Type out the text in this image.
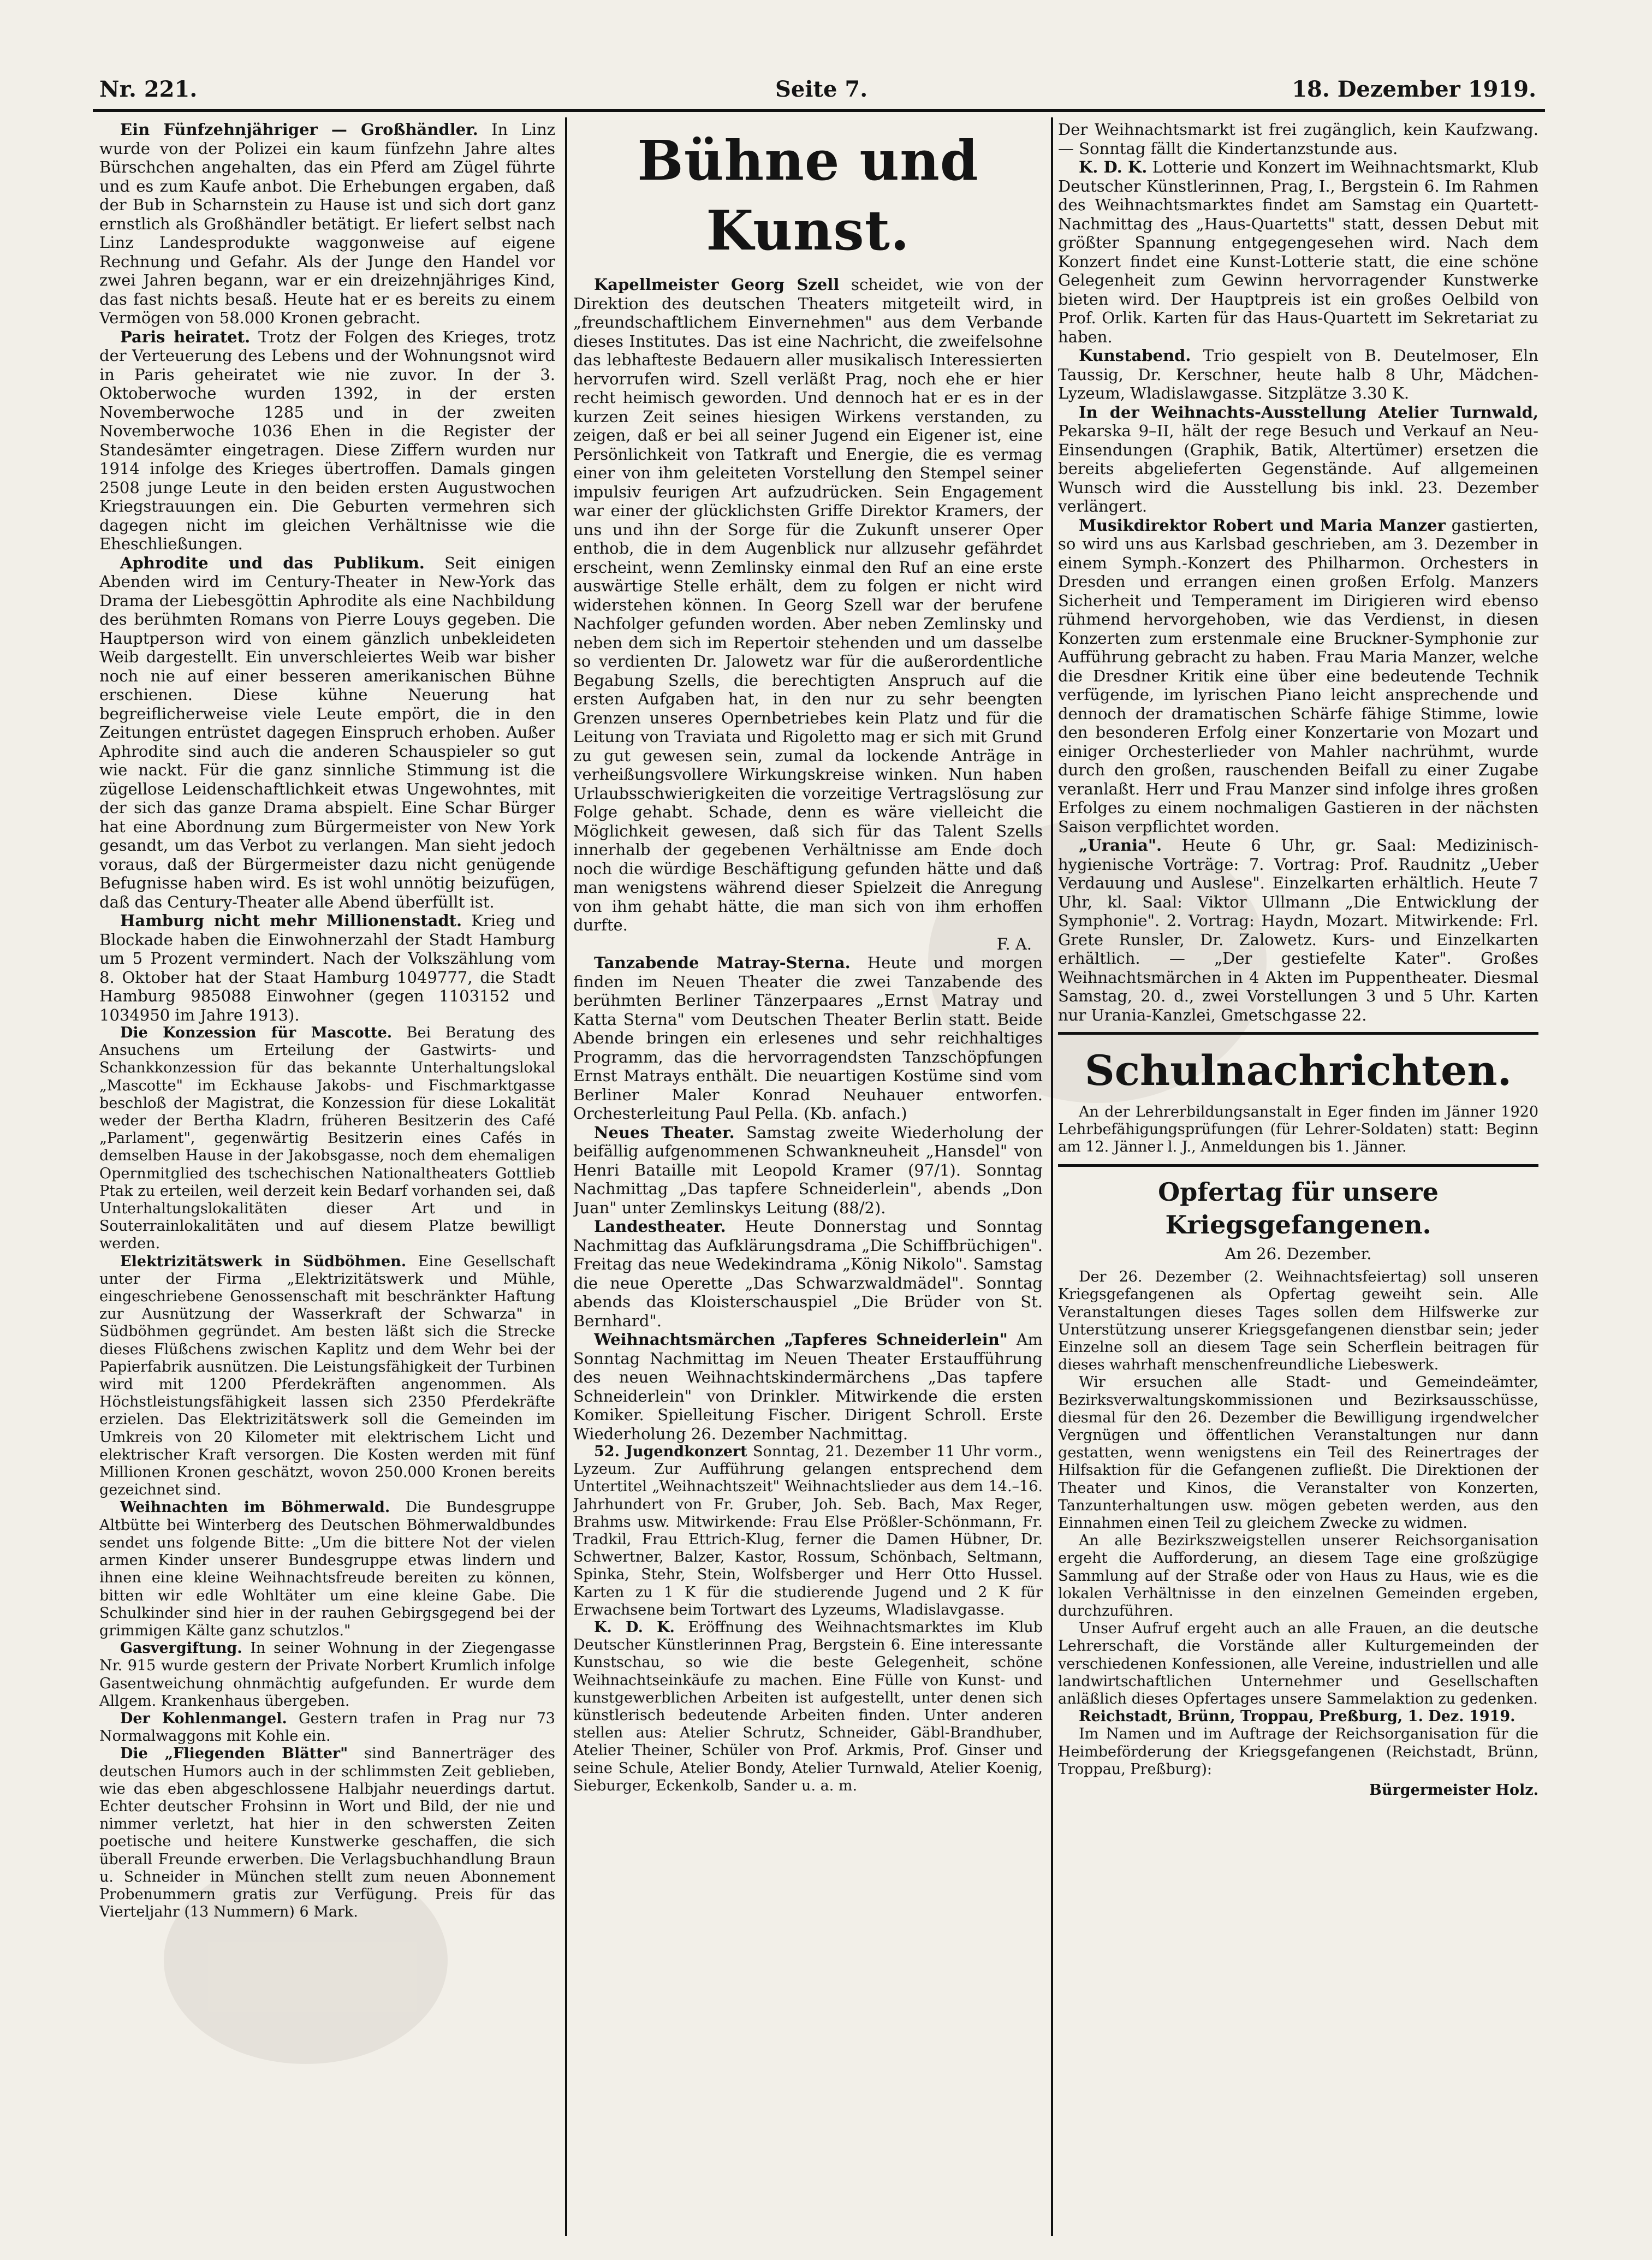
Nr. 221.	Seite 7.	18. Dezember 1919.

Ein Fünfzehnjähriger — Großhändler. In Linz wurde von der Polizei ein kaum fünfzehn Jahre altes Bürschchen angehalten, das ein Pferd am Zügel führte und es zum Kaufe anbot. Die Erhebungen ergaben, daß der Bub in Scharnstein zu Hause ist und sich dort ganz ernstlich als Großhändler betätigt. Er liefert selbst nach Linz Landesprodukte waggonweise auf eigene Rechnung und Gefahr. Als der Junge den Handel vor zwei Jahren begann, war er ein dreizehnjähriges Kind, das fast nichts besaß. Heute hat er es bereits zu einem Vermögen von 58.000 Kronen gebracht.

Paris heiratet. Trotz der Folgen des Krieges, trotz der Verteuerung des Lebens und der Wohnungsnot wird in Paris geheiratet wie nie zuvor. In der 3. Oktoberwoche wurden 1392, in der ersten Novemberwoche 1285 und in der zweiten Novemberwoche 1036 Ehen in die Register der Standesämter eingetragen. Diese Ziffern wurden nur 1914 infolge des Krieges übertroffen. Damals gingen 2508 junge Leute in den beiden ersten Augustwochen Kriegstrauungen ein. Die Geburten vermehren sich dagegen nicht im gleichen Verhältnisse wie die Eheschließungen.

Aphrodite und das Publikum. Seit einigen Abenden wird im Century-Theater in New-York das Drama der Liebesgöttin Aphrodite als eine Nachbildung des berühmten Romans von Pierre Louys gegeben. Die Hauptperson wird von einem gänzlich unbekleideten Weib dargestellt. Ein unverschleiertes Weib war bisher noch nie auf einer besseren amerikanischen Bühne erschienen. Diese kühne Neuerung hat begreiflicherweise viele Leute empört, die in den Zeitungen entrüstet dagegen Einspruch erhoben. Außer Aphrodite sind auch die anderen Schauspieler so gut wie nackt. Für die ganz sinnliche Stimmung ist die zügellose Leidenschaftlichkeit etwas Ungewohntes, mit der sich das ganze Drama abspielt. Eine Schar Bürger hat eine Abordnung zum Bürgermeister von New York gesandt, um das Verbot zu verlangen. Man sieht jedoch voraus, daß der Bürgermeister dazu nicht genügende Befugnisse haben wird. Es ist wohl unnötig beizufügen, daß das Century-Theater alle Abend überfüllt ist.

Hamburg nicht mehr Millionenstadt. Krieg und Blockade haben die Einwohnerzahl der Stadt Hamburg um 5 Prozent vermindert. Nach der Volkszählung vom 8. Oktober hat der Staat Hamburg 1049777, die Stadt Hamburg 985088 Einwohner (gegen 1103152 und 1034950 im Jahre 1913).

Die Konzession für Mascotte. Bei Beratung des Ansuchens um Erteilung der Gastwirts- und Schankkonzession für das bekannte Unterhaltungslokal „Mascotte" im Eckhause Jakobs- und Fischmarktgasse beschloß der Magistrat, die Konzession für diese Lokalität weder der Bertha Kladrn, früheren Besitzerin des Café „Parlament", gegenwärtig Besitzerin eines Cafés in demselben Hause in der Jakobsgasse, noch dem ehemaligen Opernmitglied des tschechischen Nationaltheaters Gottlieb Ptak zu erteilen, weil derzeit kein Bedarf vorhanden sei, daß Unterhaltungslokalitäten dieser Art und in Souterrainlokalitäten und auf diesem Platze bewilligt werden.

Elektrizitätswerk in Südböhmen. Eine Gesellschaft unter der Firma „Elektrizitätswerk und Mühle, eingeschriebene Genossenschaft mit beschränkter Haftung zur Ausnützung der Wasserkraft der Schwarza" in Südböhmen gegründet. Am besten läßt sich die Strecke dieses Flüßchens zwischen Kaplitz und dem Wehr bei der Papierfabrik ausnützen. Die Leistungsfähigkeit der Turbinen wird mit 1200 Pferdekräften angenommen. Als Höchstleistungsfähigkeit lassen sich 2350 Pferdekräfte erzielen. Das Elektrizitätswerk soll die Gemeinden im Umkreis von 20 Kilometer mit elektrischem Licht und elektrischer Kraft versorgen. Die Kosten werden mit fünf Millionen Kronen geschätzt, wovon 250.000 Kronen bereits gezeichnet sind.

Weihnachten im Böhmerwald. Die Bundesgruppe Altbütte bei Winterberg des Deutschen Böhmerwaldbundes sendet uns folgende Bitte: „Um die bittere Not der vielen armen Kinder unserer Bundesgruppe etwas lindern und ihnen eine kleine Weihnachtsfreude bereiten zu können, bitten wir edle Wohltäter um eine kleine Gabe. Die Schulkinder sind hier in der rauhen Gebirgsgegend bei der grimmigen Kälte ganz schutzlos."

Gasvergiftung. In seiner Wohnung in der Ziegengasse Nr. 915 wurde gestern der Private Norbert Krumlich infolge Gasentweichung ohnmächtig aufgefunden. Er wurde dem Allgem. Krankenhaus übergeben.

Der Kohlenmangel. Gestern trafen in Prag nur 73 Normalwaggons mit Kohle ein.

Die „Fliegenden Blätter" sind Bannerträger des deutschen Humors auch in der schlimmsten Zeit geblieben, wie das eben abgeschlossene Halbjahr neuerdings dartut. Echter deutscher Frohsinn in Wort und Bild, der nie und nimmer verletzt, hat hier in den schwersten Zeiten poetische und heitere Kunstwerke geschaffen, die sich überall Freunde erwerben. Die Verlagsbuchhandlung Braun u. Schneider in München stellt zum neuen Abonnement Probenummern gratis zur Verfügung. Preis für das Vierteljahr (13 Nummern) 6 Mark.

Bühne und Kunst.

Kapellmeister Georg Szell scheidet, wie von der Direktion des deutschen Theaters mitgeteilt wird, in „freundschaftlichem Einvernehmen" aus dem Verbande dieses Institutes. Das ist eine Nachricht, die zweifelsohne das lebhafteste Bedauern aller musikalisch Interessierten hervorrufen wird. Szell verläßt Prag, noch ehe er hier recht heimisch geworden. Und dennoch hat er es in der kurzen Zeit seines hiesigen Wirkens verstanden, zu zeigen, daß er bei all seiner Jugend ein Eigener ist, eine Persönlichkeit von Tatkraft und Energie, die es vermag einer von ihm geleiteten Vorstellung den Stempel seiner impulsiv feurigen Art aufzudrücken. Sein Engagement war einer der glücklichsten Griffe Direktor Kramers, der uns und ihn der Sorge für die Zukunft unserer Oper enthob, die in dem Augenblick nur allzusehr gefährdet erscheint, wenn Zemlinsky einmal den Ruf an eine erste auswärtige Stelle erhält, dem zu folgen er nicht wird widerstehen können. In Georg Szell war der berufene Nachfolger gefunden worden. Aber neben Zemlinsky und neben dem sich im Repertoir stehenden und um dasselbe so verdienten Dr. Jalowetz war für die außerordentliche Begabung Szells, die berechtigten Anspruch auf die ersten Aufgaben hat, in den nur zu sehr beengten Grenzen unseres Opernbetriebes kein Platz und für die Leitung von Traviata und Rigoletto mag er sich mit Grund zu gut gewesen sein, zumal da lockende Anträge in verheißungsvollere Wirkungskreise winken. Nun haben Urlaubsschwierigkeiten die vorzeitige Vertragslösung zur Folge gehabt. Schade, denn es wäre vielleicht die Möglichkeit gewesen, daß sich für das Talent Szells innerhalb der gegebenen Verhältnisse am Ende doch noch die würdige Beschäftigung gefunden hätte und daß man wenigstens während dieser Spielzeit die Anregung von ihm gehabt hätte, die man sich von ihm erhoffen durfte.

F. A.

Tanzabende Matray-Sterna. Heute und morgen finden im Neuen Theater die zwei Tanzabende des berühmten Berliner Tänzerpaares „Ernst Matray und Katta Sterna" vom Deutschen Theater Berlin statt. Beide Abende bringen ein erlesenes und sehr reichhaltiges Programm, das die hervorragendsten Tanzschöpfungen Ernst Matrays enthält. Die neuartigen Kostüme sind vom Berliner Maler Konrad Neuhauer entworfen. Orchesterleitung Paul Pella. (Kb. anfach.)

Neues Theater. Samstag zweite Wiederholung der beifällig aufgenommenen Schwankneuheit „Hansdel" von Henri Bataille mit Leopold Kramer (97/1). Sonntag Nachmittag „Das tapfere Schneiderlein", abends „Don Juan" unter Zemlinskys Leitung (88/2).

Landestheater. Heute Donnerstag und Sonntag Nachmittag das Aufklärungsdrama „Die Schiffbrüchigen". Freitag das neue Wedekindrama „König Nikolo". Samstag die neue Operette „Das Schwarzwaldmädel". Sonntag abends das Kloisterschauspiel „Die Brüder von St. Bernhard".

Weihnachtsmärchen „Tapferes Schneiderlein" Am Sonntag Nachmittag im Neuen Theater Erstaufführung des neuen Weihnachtskindermärchens „Das tapfere Schneiderlein" von Drinkler. Mitwirkende die ersten Komiker. Spielleitung Fischer. Dirigent Schroll. Erste Wiederholung 26. Dezember Nachmittag.

52. Jugendkonzert Sonntag, 21. Dezember 11 Uhr vorm., Lyzeum. Zur Aufführung gelangen entsprechend dem Untertitel „Weihnachtszeit" Weihnachtslieder aus dem 14.–16. Jahrhundert von Fr. Gruber, Joh. Seb. Bach, Max Reger, Brahms usw. Mitwirkende: Frau Else Prößler-Schönmann, Fr. Tradkil, Frau Ettrich-Klug, ferner die Damen Hübner, Dr. Schwertner, Balzer, Kastor, Rossum, Schönbach, Seltmann, Spinka, Stehr, Stein, Wolfsberger und Herr Otto Hussel. Karten zu 1 K für die studierende Jugend und 2 K für Erwachsene beim Tortwart des Lyzeums, Wladislavgasse.

K. D. K. Eröffnung des Weihnachtsmarktes im Klub Deutscher Künstlerinnen Prag, Bergstein 6. Eine interessante Kunstschau, so wie die beste Gelegenheit, schöne Weihnachtseinkäufe zu machen. Eine Fülle von Kunst- und kunstgewerblichen Arbeiten ist aufgestellt, unter denen sich künstlerisch bedeutende Arbeiten finden. Unter anderen stellen aus: Atelier Schrutz, Schneider, Gäbl-Brandhuber, Atelier Theiner, Schüler von Prof. Arkmis, Prof. Ginser und seine Schule, Atelier Bondy, Atelier Turnwald, Atelier Koenig, Sieburger, Eckenkolb, Sander u. a. m.

Der Weihnachtsmarkt ist frei zugänglich, kein Kaufzwang. — Sonntag fällt die Kindertanzstunde aus.

K. D. K. Lotterie und Konzert im Weihnachtsmarkt, Klub Deutscher Künstlerinnen, Prag, I., Bergstein 6. Im Rahmen des Weihnachtsmarktes findet am Samstag ein Quartett-Nachmittag des „Haus-Quartetts" statt, dessen Debut mit größter Spannung entgegengesehen wird. Nach dem Konzert findet eine Kunst-Lotterie statt, die eine schöne Gelegenheit zum Gewinn hervorragender Kunstwerke bieten wird. Der Hauptpreis ist ein großes Oelbild von Prof. Orlik. Karten für das Haus-Quartett im Sekretariat zu haben.

Kunstabend. Trio gespielt von B. Deutelmoser, Eln Taussig, Dr. Kerschner, heute halb 8 Uhr, Mädchen-Lyzeum, Wladislawgasse. Sitzplätze 3.30 K.

In der Weihnachts-Ausstellung Atelier Turnwald, Pekarska 9–II, hält der rege Besuch und Verkauf an Neu-Einsendungen (Graphik, Batik, Altertümer) ersetzen die bereits abgelieferten Gegenstände. Auf allgemeinen Wunsch wird die Ausstellung bis inkl. 23. Dezember verlängert.

Musikdirektor Robert und Maria Manzer gastierten, so wird uns aus Karlsbad geschrieben, am 3. Dezember in einem Symph.-Konzert des Philharmon. Orchesters in Dresden und errangen einen großen Erfolg. Manzers Sicherheit und Temperament im Dirigieren wird ebenso rühmend hervorgehoben, wie das Verdienst, in diesen Konzerten zum erstenmale eine Bruckner-Symphonie zur Aufführung gebracht zu haben. Frau Maria Manzer, welche die Dresdner Kritik eine über eine bedeutende Technik verfügende, im lyrischen Piano leicht ansprechende und dennoch der dramatischen Schärfe fähige Stimme, lowie den besonderen Erfolg einer Konzertarie von Mozart und einiger Orchesterlieder von Mahler nachrühmt, wurde durch den großen, rauschenden Beifall zu einer Zugabe veranlaßt. Herr und Frau Manzer sind infolge ihres großen Erfolges zu einem nochmaligen Gastieren in der nächsten Saison verpflichtet worden.

„Urania". Heute 6 Uhr, gr. Saal: Medizinisch-hygienische Vorträge: 7. Vortrag: Prof. Raudnitz „Ueber Verdauung und Auslese". Einzelkarten erhältlich. Heute 7 Uhr, kl. Saal: Viktor Ullmann „Die Entwicklung der Symphonie". 2. Vortrag: Haydn, Mozart. Mitwirkende: Frl. Grete Runsler, Dr. Zalowetz. Kurs- und Einzelkarten erhältlich. — „Der gestiefelte Kater". Großes Weihnachtsmärchen in 4 Akten im Puppentheater. Diesmal Samstag, 20. d., zwei Vorstellungen 3 und 5 Uhr. Karten nur Urania-Kanzlei, Gmetschgasse 22.

Schulnachrichten.

An der Lehrerbildungsanstalt in Eger finden im Jänner 1920 Lehrbefähigungsprüfungen (für Lehrer-Soldaten) statt: Beginn am 12. Jänner l. J., Anmeldungen bis 1. Jänner.

Opfertag für unsere Kriegsgefangenen.
Am 26. Dezember.

Der 26. Dezember (2. Weihnachtsfeiertag) soll unseren Kriegsgefangenen als Opfertag geweiht sein. Alle Veranstaltungen dieses Tages sollen dem Hilfswerke zur Unterstützung unserer Kriegsgefangenen dienstbar sein; jeder Einzelne soll an diesem Tage sein Scherflein beitragen für dieses wahrhaft menschenfreundliche Liebeswerk.

Wir ersuchen alle Stadt- und Gemeindeämter, Bezirksverwaltungskommissionen und Bezirksausschüsse, diesmal für den 26. Dezember die Bewilligung irgendwelcher Vergnügen und öffentlichen Veranstaltungen nur dann gestatten, wenn wenigstens ein Teil des Reinertrages der Hilfsaktion für die Gefangenen zufließt. Die Direktionen der Theater und Kinos, die Veranstalter von Konzerten, Tanzunterhaltungen usw. mögen gebeten werden, aus den Einnahmen einen Teil zu gleichem Zwecke zu widmen.

An alle Bezirkszweigstellen unserer Reichsorganisation ergeht die Aufforderung, an diesem Tage eine großzügige Sammlung auf der Straße oder von Haus zu Haus, wie es die lokalen Verhältnisse in den einzelnen Gemeinden ergeben, durchzuführen.

Unser Aufruf ergeht auch an alle Frauen, an die deutsche Lehrerschaft, die Vorstände aller Kulturgemeinden der verschiedenen Konfessionen, alle Vereine, industriellen und alle landwirtschaftlichen Unternehmer und Gesellschaften anläßlich dieses Opfertages unsere Sammelaktion zu gedenken.

Reichstadt, Brünn, Troppau, Preßburg, 1. Dez. 1919.

Im Namen und im Auftrage der Reichsorganisation für die Heimbeförderung der Kriegsgefangenen (Reichstadt, Brünn, Troppau, Preßburg):

Bürgermeister Holz.
